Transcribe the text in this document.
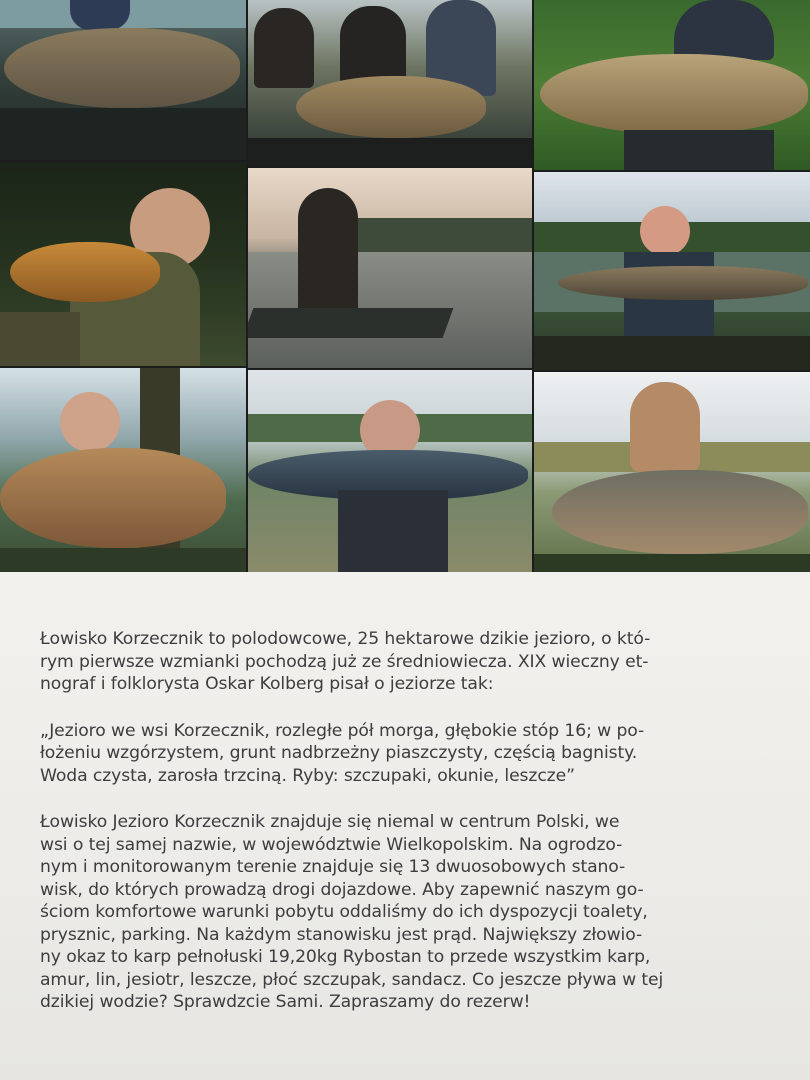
Łowisko Korzecznik to polodowcowe, 25 hektarowe dzikie jezioro, o któ-
rym pierwsze wzmianki pochodzą już ze średniowiecza. XIX wieczny et-
nograf i folklorysta Oskar Kolberg pisał o jeziorze tak:

„Jezioro we wsi Korzecznik, rozległe pół morga, głębokie stóp 16; w po-
łożeniu wzgórzystem, grunt nadbrzeżny piaszczysty, częścią bagnisty.
Woda czysta, zarosła trzciną. Ryby: szczupaki, okunie, leszcze”

Łowisko Jezioro Korzecznik znajduje się niemal w centrum Polski, we
wsi o tej samej nazwie, w województwie Wielkopolskim. Na ogrodzo-
nym i monitorowanym terenie znajduje się 13 dwuosobowych stano-
wisk, do których prowadzą drogi dojazdowe. Aby zapewnić naszym go-
ściom komfortowe warunki pobytu oddaliśmy do ich dyspozycji toalety,
prysznic, parking. Na każdym stanowisku jest prąd. Największy złowio-
ny okaz to karp pełnołuski 19,20kg Rybostan to przede wszystkim karp,
amur, lin, jesiotr, leszcze, płoć szczupak, sandacz. Co jeszcze pływa w tej
dzikiej wodzie? Sprawdzcie Sami. Zapraszamy do rezerw!
